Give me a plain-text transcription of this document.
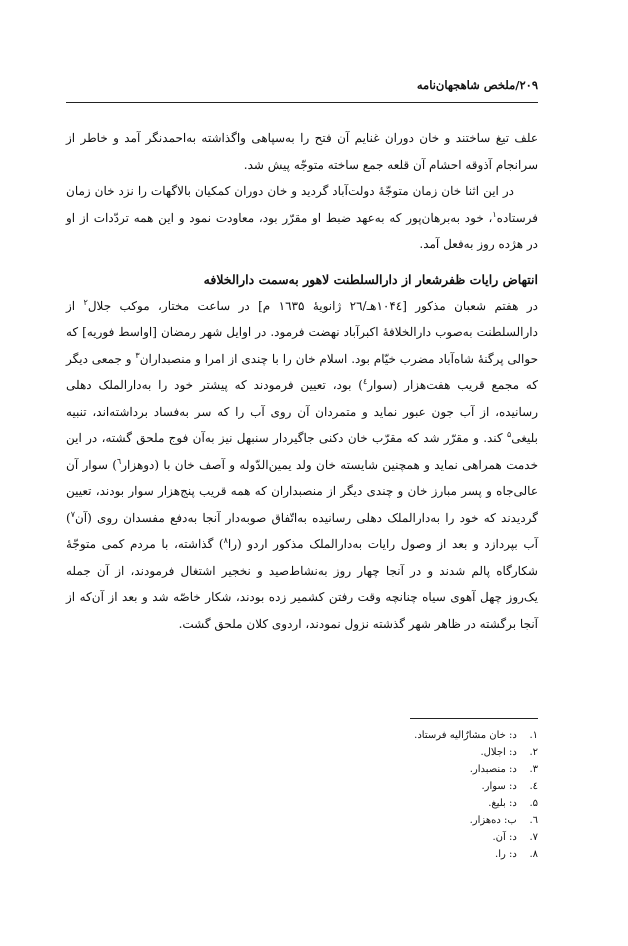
۲۰۹/ملخص شاهجهان‌نامه

علف تیغ ساختند و خان دوران غنایم آن فتح را به‌سپاهی واگذاشته به‌احمدنگر آمد و خاطر از سرانجام آذوقه احشام آن قلعه جمع ساخته متوجّه پیش شد.

در این اثنا خان زمان متوجّهٔ دولت‌آباد گردید و خان دوران کمکیان بالاگهات را نزد خان زمان فرستاده$^۱$، خود به‌برهان‌پور که به‌عهد ضبط او مقرّر بود، معاودت نمود و این همه تردّدات از او در هژده روز به‌فعل آمد.

انتهاض رایات ظفرشعار از دارالسلطنت لاهور به‌سمت دارالخلافه

در هفتم شعبان مذکور [۱۰۴٤هـ/۲٦ ژانویهٔ ۱٦۳۵ م] در ساعت مختار، موکب جلال$^۲$ از دارالسلطنت به‌صوب دارالخلافهٔ اکبرآباد نهضت فرمود. در اوایل شهر رمضان [اواسط فوریه] که حوالی پرگنهٔ شاه‌آباد مضرب خیّام بود. اسلام خان را با چندی از امرا و منصبداران$^۳$ و جمعی دیگر که مجمع قریب هفت‌هزار (سوار$^٤$) بود، تعیین فرمودند که پیشتر خود را به‌دارالملک دهلی رسانیده، از آب جون عبور نماید و متمردان آن روی آب را که سر به‌فساد برداشته‌اند، تنبیه بلیغی$^۵$ کند. و مقرّر شد که مقرّب خان دکنی جاگیردار سنبهل نیز به‌آن فوج ملحق گشته، در این خدمت همراهی نماید و همچنین شایسته خان ولد یمین‌الدّوله و آصف خان با (دوهزار$^٦$) سوار آن عالی‌جاه و پسر مبارز خان و چندی دیگر از منصبداران که همه قریب پنج‌هزار سوار بودند، تعیین گردیدند که خود را به‌دارالملک دهلی رسانیده به‌اتّفاق صوبه‌دار آنجا به‌دفع مفسدان روی (آن$^۷$) آب بپردازد و بعد از وصول رایات به‌دارالملک مذکور اردو (را$^۸$) گذاشته، با مردم کمی متوجّهٔ شکارگاه پالم شدند و در آنجا چهار روز به‌نشاط‌صید و نخجیر اشتغال فرمودند، از آن جمله یک‌روز چهل آهوی سیاه چنانچه وقت رفتن کشمیر زده بودند، شکار خاصّه شد و بعد از آن‌که از آنجا برگشته در ظاهر شهر گذشته نزول نمودند، اردوی کلان ملحق گشت.

۱. د: خان مشارٌالیه فرستاد.
۲. د: اجلال.
۳. د: منصبدار.
٤. د: سوار.
۵. د: بلیغ.
٦. ب: ده‌هزار.
۷. د: آن.
۸. د: را.
